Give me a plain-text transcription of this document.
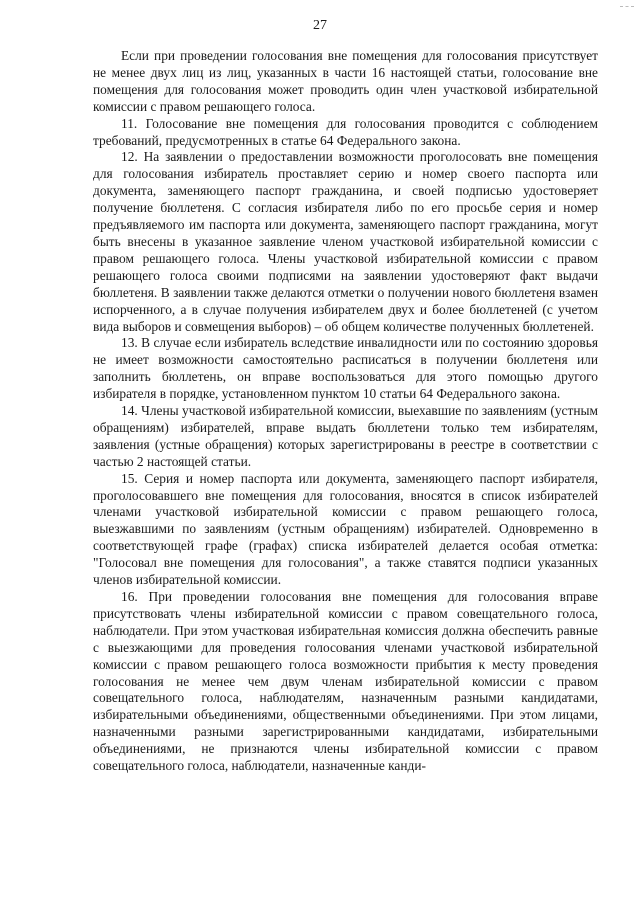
27

Если при проведении голосования вне помещения для голосования присутствует не менее двух лиц из лиц, указанных в части 16 настоящей статьи, голосование вне помещения для голосования может проводить один член участковой избирательной комиссии с правом решающего голоса.

11. Голосование вне помещения для голосования проводится с соблюдением требований, предусмотренных в статье 64 Федерального закона.

12. На заявлении о предоставлении возможности проголосовать вне помещения для голосования избиратель проставляет серию и номер своего паспорта или документа, заменяющего паспорт гражданина, и своей подписью удостоверяет получение бюллетеня. С согласия избирателя либо по его просьбе серия и номер предъявляемого им паспорта или документа, заменяющего паспорт гражданина, могут быть внесены в указанное заявление членом участковой избирательной комиссии с правом решающего голоса. Члены участковой избирательной комиссии с правом решающего голоса своими подписями на заявлении удостоверяют факт выдачи бюллетеня. В заявлении также делаются отметки о получении нового бюллетеня взамен испорченного, а в случае получения избирателем двух и более бюллетеней (с учетом вида выборов и совмещения выборов) – об общем количестве полученных бюллетеней.

13. В случае если избиратель вследствие инвалидности или по состоянию здоровья не имеет возможности самостоятельно расписаться в получении бюллетеня или заполнить бюллетень, он вправе воспользоваться для этого помощью другого избирателя в порядке, установленном пунктом 10 статьи 64 Федерального закона.

14. Члены участковой избирательной комиссии, выехавшие по заявлениям (устным обращениям) избирателей, вправе выдать бюллетени только тем избирателям, заявления (устные обращения) которых зарегистрированы в реестре в соответствии с частью 2 настоящей статьи.

15. Серия и номер паспорта или документа, заменяющего паспорт избирателя, проголосовавшего вне помещения для голосования, вносятся в список избирателей членами участковой избирательной комиссии с правом решающего голоса, выезжавшими по заявлениям (устным обращениям) избирателей. Одновременно в соответствующей графе (графах) списка избирателей делается особая отметка: "Голосовал вне помещения для голосования", а также ставятся подписи указанных членов избирательной комиссии.

16. При проведении голосования вне помещения для голосования вправе присутствовать члены избирательной комиссии с правом совещательного голоса, наблюдатели. При этом участковая избирательная комиссия должна обеспечить равные с выезжающими для проведения голосования членами участковой избирательной комиссии с правом решающего голоса возможности прибытия к месту проведения голосования не менее чем двум членам избирательной комиссии с правом совещательного голоса, наблюдателям, назначенным разными кандидатами, избирательными объединениями, общественными объединениями. При этом лицами, назначенными разными зарегистрированными кандидатами, избирательными объединениями, не признаются члены избирательной комиссии с правом совещательного голоса, наблюдатели, назначенные канди-
